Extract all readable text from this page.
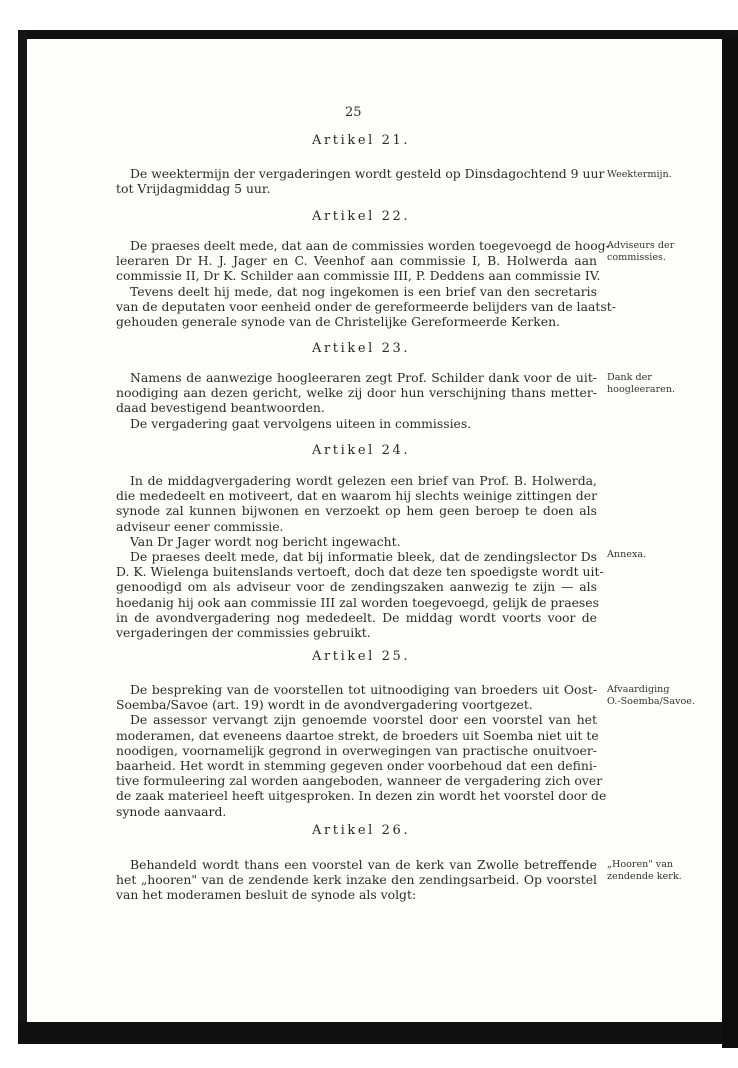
25
Artikel 21.
De weektermijn der vergaderingen wordt gesteld op Dinsdagochtend 9 uur
tot Vrijdagmiddag 5 uur.
Weektermijn.
Artikel 22.
De praeses deelt mede, dat aan de commissies worden toegevoegd de hoog-
leeraren Dr H. J. Jager en C. Veenhof aan commissie I, B. Holwerda aan
commissie II, Dr K. Schilder aan commissie III, P. Deddens aan commissie IV.
Tevens deelt hij mede, dat nog ingekomen is een brief van den secretaris
van de deputaten voor eenheid onder de gereformeerde belijders van de laatst-
gehouden generale synode van de Christelijke Gereformeerde Kerken.
Adviseurs der
commissies.
Artikel 23.
Namens de aanwezige hoogleeraren zegt Prof. Schilder dank voor de uit-
noodiging aan dezen gericht, welke zij door hun verschijning thans metter-
daad bevestigend beantwoorden.
De vergadering gaat vervolgens uiteen in commissies.
Dank der
hoogleeraren.
Artikel 24.
In de middagvergadering wordt gelezen een brief van Prof. B. Holwerda,
die mededeelt en motiveert, dat en waarom hij slechts weinige zittingen der
synode zal kunnen bijwonen en verzoekt op hem geen beroep te doen als
adviseur eener commissie.
Van Dr Jager wordt nog bericht ingewacht.
De praeses deelt mede, dat bij informatie bleek, dat de zendingslector Ds
D. K. Wielenga buitenslands vertoeft, doch dat deze ten spoedigste wordt uit-
genoodigd om als adviseur voor de zendingszaken aanwezig te zijn — als
hoedanig hij ook aan commissie III zal worden toegevoegd, gelijk de praeses
in de avondvergadering nog mededeelt. De middag wordt voorts voor de
vergaderingen der commissies gebruikt.
Annexa.
Artikel 25.
De bespreking van de voorstellen tot uitnoodiging van broeders uit Oost-
Soemba/Savoe (art. 19) wordt in de avondvergadering voortgezet.
De assessor vervangt zijn genoemde voorstel door een voorstel van het
moderamen, dat eveneens daartoe strekt, de broeders uit Soemba niet uit te
noodigen, voornamelijk gegrond in overwegingen van practische onuitvoer-
baarheid. Het wordt in stemming gegeven onder voorbehoud dat een defini-
tive formuleering zal worden aangeboden, wanneer de vergadering zich over
de zaak materieel heeft uitgesproken. In dezen zin wordt het voorstel door de
synode aanvaard.
Afvaardiging
O.-Soemba/Savoe.
Artikel 26.
Behandeld wordt thans een voorstel van de kerk van Zwolle betreffende
het „hooren" van de zendende kerk inzake den zendingsarbeid. Op voorstel
van het moderamen besluit de synode als volgt:
„Hooren" van
zendende kerk.
